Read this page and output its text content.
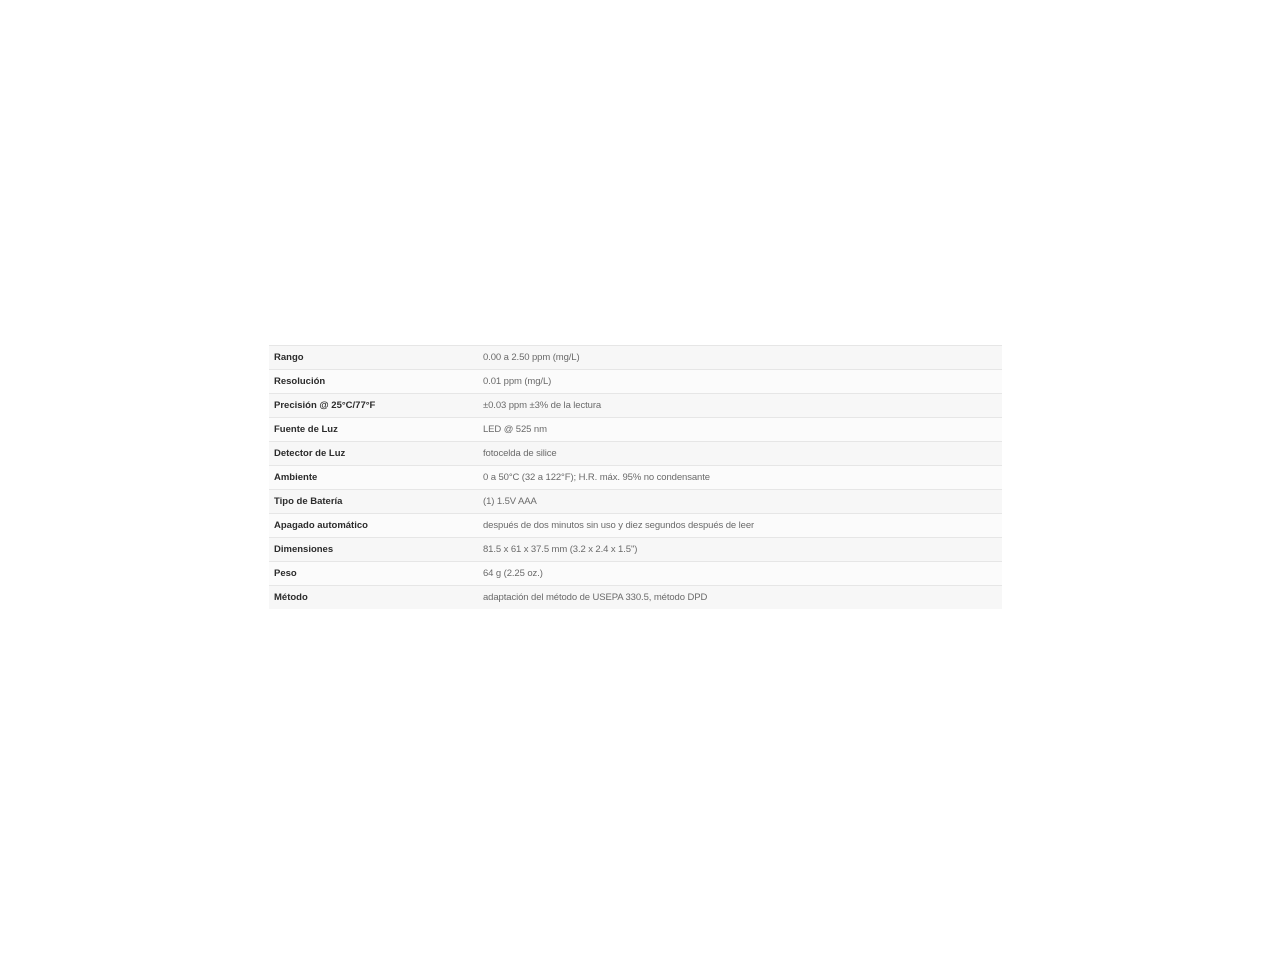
Rango	0.00 a 2.50 ppm (mg/L)
Resolución	0.01 ppm (mg/L)
Precisión @ 25°C/77°F	±0.03 ppm ±3% de la lectura
Fuente de Luz	LED @ 525 nm
Detector de Luz	fotocelda de silice
Ambiente	0 a 50°C (32 a 122°F); H.R. máx. 95% no condensante
Tipo de Batería	(1) 1.5V AAA
Apagado automático	después de dos minutos sin uso y diez segundos después de leer
Dimensiones	81.5 x 61 x 37.5 mm (3.2 x 2.4 x 1.5")
Peso	64 g (2.25 oz.)
Método	adaptación del método de USEPA 330.5, método DPD
